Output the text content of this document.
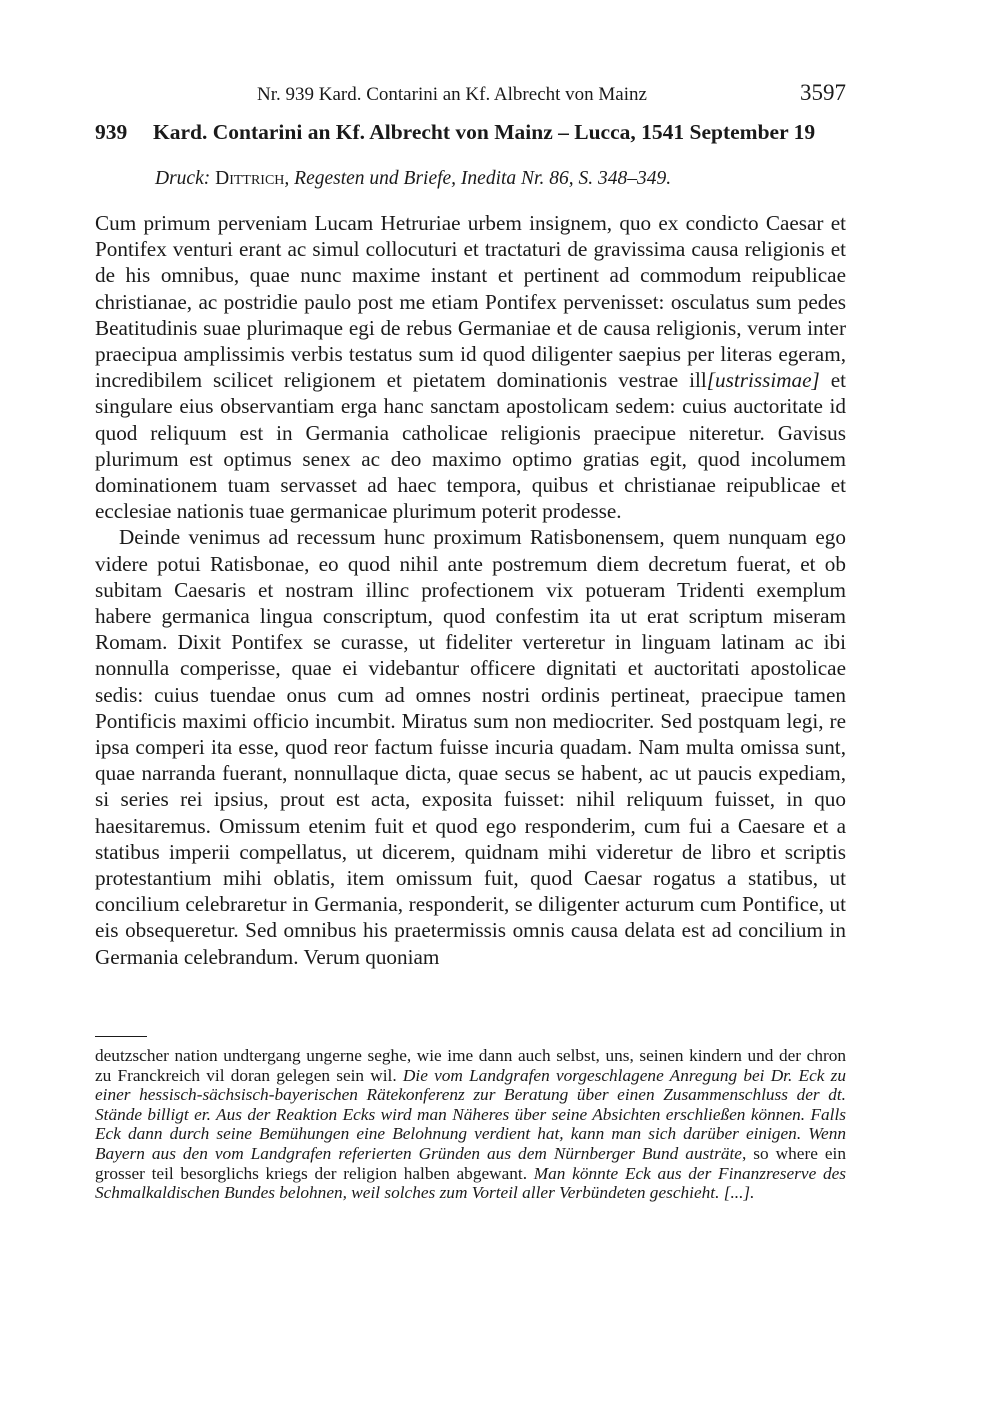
Nr. 939 Kard. Contarini an Kf. Albrecht von Mainz	3597
939 Kard. Contarini an Kf. Albrecht von Mainz – Lucca, 1541 September 19
Druck: Dittrich, Regesten und Briefe, Inedita Nr. 86, S. 348–349.

Cum primum perveniam Lucam Hetruriae urbem insignem, quo ex condicto Caesar et Pontifex venturi erant ac simul collocuturi et tractaturi de gravissima causa religionis et de his omnibus, quae nunc maxime instant et pertinent ad commodum reipublicae christianae, ac postridie paulo post me etiam Pontifex pervenisset: osculatus sum pedes Beatitudinis suae plurimaque egi de rebus Germaniae et de causa religionis, verum inter praecipua amplissimis verbis testatus sum id quod diligenter saepius per literas egeram, incredibilem scilicet religionem et pietatem dominationis vestrae ill[ustrissimae] et singulare eius observantiam erga hanc sanctam apostolicam sedem: cuius auctoritate id quod reliquum est in Germania catholicae religionis praecipue niteretur. Gavisus plurimum est optimus senex ac deo maximo optimo gratias egit, quod incolumem dominationem tuam servasset ad haec tempora, quibus et christianae reipublicae et ecclesiae nationis tuae germanicae plurimum poterit prodesse.

Deinde venimus ad recessum hunc proximum Ratisbonensem, quem nunquam ego videre potui Ratisbonae, eo quod nihil ante postremum diem decretum fuerat, et ob subitam Caesaris et nostram illinc profectionem vix potueram Tridenti exemplum habere germanica lingua conscriptum, quod confestim ita ut erat scriptum miseram Romam. Dixit Pontifex se curasse, ut fideliter verteretur in linguam latinam ac ibi nonnulla comperisse, quae ei videbantur officere dignitati et auctoritati apostolicae sedis: cuius tuendae onus cum ad omnes nostri ordinis pertineat, praecipue tamen Pontificis maximi officio incumbit. Miratus sum non mediocriter. Sed postquam legi, re ipsa comperi ita esse, quod reor factum fuisse incuria quadam. Nam multa omissa sunt, quae narranda fuerant, nonnullaque dicta, quae secus se habent, ac ut paucis expediam, si series rei ipsius, prout est acta, exposita fuisset: nihil reliquum fuisset, in quo haesitaremus. Omissum etenim fuit et quod ego responderim, cum fui a Caesare et a statibus imperii compellatus, ut dicerem, quidnam mihi videretur de libro et scriptis protestantium mihi oblatis, item omissum fuit, quod Caesar rogatus a statibus, ut concilium celebraretur in Germania, responderit, se diligenter acturum cum Pontifice, ut eis obsequeretur. Sed omnibus his praetermissis omnis causa delata est ad concilium in Germania celebrandum. Verum quoniam

deutzscher nation undtergang ungerne seghe, wie ime dann auch selbst, uns, seinen kindern und der chron zu Franckreich vil doran gelegen sein wil. Die vom Landgrafen vorgeschlagene Anregung bei Dr. Eck zu einer hessisch-sächsisch-bayerischen Rätekonferenz zur Beratung über einen Zusammenschluss der dt. Stände billigt er. Aus der Reaktion Ecks wird man Näheres über seine Absichten erschließen können. Falls Eck dann durch seine Bemühungen eine Belohnung verdient hat, kann man sich darüber einigen. Wenn Bayern aus den vom Landgrafen referierten Gründen aus dem Nürnberger Bund austräte, so where ein grosser teil besorglichs kriegs der religion halben abgewant. Man könnte Eck aus der Finanzreserve des Schmalkaldischen Bundes belohnen, weil solches zum Vorteil aller Verbündeten geschieht. [...].
